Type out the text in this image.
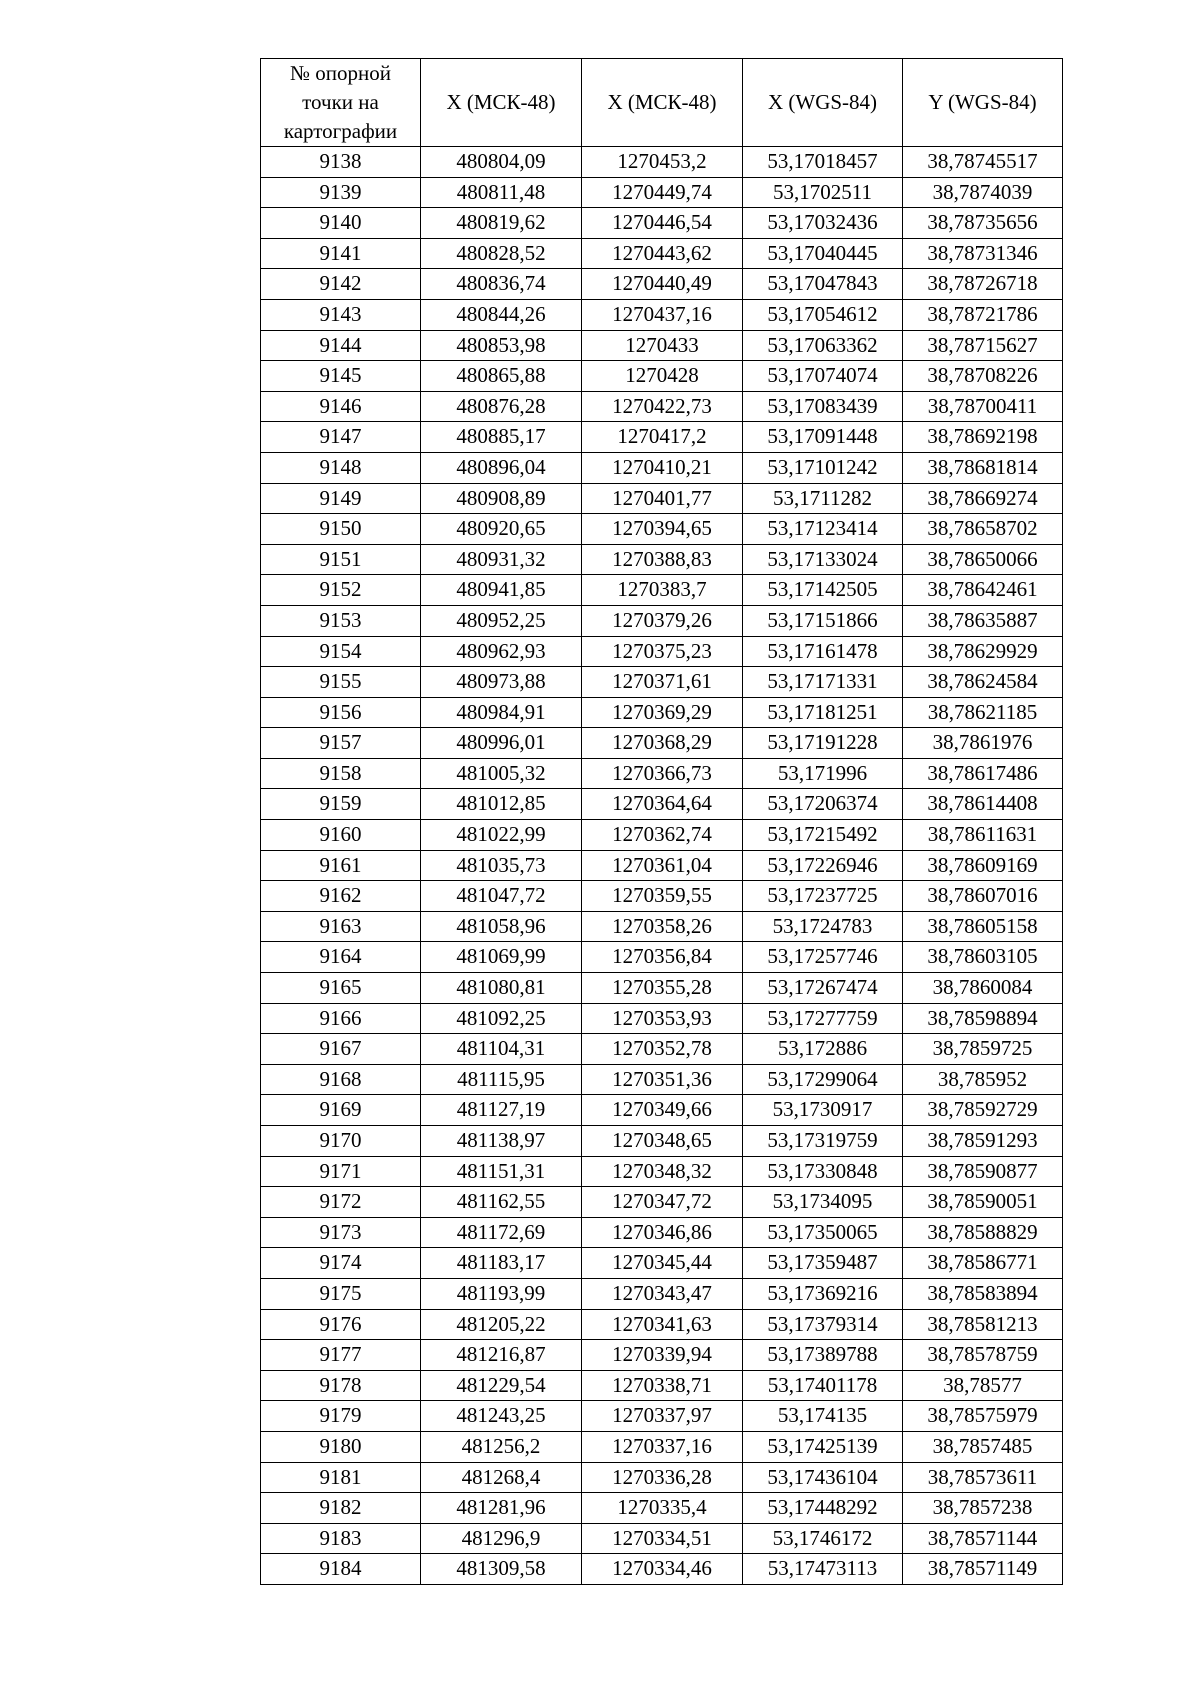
№ опорной
точки на
картографии	X (МСК-48)	X (МСК-48)	X (WGS-84)	Y (WGS-84)
9138	480804,09	1270453,2	53,17018457	38,78745517
9139	480811,48	1270449,74	53,1702511	38,7874039
9140	480819,62	1270446,54	53,17032436	38,78735656
9141	480828,52	1270443,62	53,17040445	38,78731346
9142	480836,74	1270440,49	53,17047843	38,78726718
9143	480844,26	1270437,16	53,17054612	38,78721786
9144	480853,98	1270433	53,17063362	38,78715627
9145	480865,88	1270428	53,17074074	38,78708226
9146	480876,28	1270422,73	53,17083439	38,78700411
9147	480885,17	1270417,2	53,17091448	38,78692198
9148	480896,04	1270410,21	53,17101242	38,78681814
9149	480908,89	1270401,77	53,1711282	38,78669274
9150	480920,65	1270394,65	53,17123414	38,78658702
9151	480931,32	1270388,83	53,17133024	38,78650066
9152	480941,85	1270383,7	53,17142505	38,78642461
9153	480952,25	1270379,26	53,17151866	38,78635887
9154	480962,93	1270375,23	53,17161478	38,78629929
9155	480973,88	1270371,61	53,17171331	38,78624584
9156	480984,91	1270369,29	53,17181251	38,78621185
9157	480996,01	1270368,29	53,17191228	38,7861976
9158	481005,32	1270366,73	53,171996	38,78617486
9159	481012,85	1270364,64	53,17206374	38,78614408
9160	481022,99	1270362,74	53,17215492	38,78611631
9161	481035,73	1270361,04	53,17226946	38,78609169
9162	481047,72	1270359,55	53,17237725	38,78607016
9163	481058,96	1270358,26	53,1724783	38,78605158
9164	481069,99	1270356,84	53,17257746	38,78603105
9165	481080,81	1270355,28	53,17267474	38,7860084
9166	481092,25	1270353,93	53,17277759	38,78598894
9167	481104,31	1270352,78	53,172886	38,7859725
9168	481115,95	1270351,36	53,17299064	38,785952
9169	481127,19	1270349,66	53,1730917	38,78592729
9170	481138,97	1270348,65	53,17319759	38,78591293
9171	481151,31	1270348,32	53,17330848	38,78590877
9172	481162,55	1270347,72	53,1734095	38,78590051
9173	481172,69	1270346,86	53,17350065	38,78588829
9174	481183,17	1270345,44	53,17359487	38,78586771
9175	481193,99	1270343,47	53,17369216	38,78583894
9176	481205,22	1270341,63	53,17379314	38,78581213
9177	481216,87	1270339,94	53,17389788	38,78578759
9178	481229,54	1270338,71	53,17401178	38,78577
9179	481243,25	1270337,97	53,174135	38,78575979
9180	481256,2	1270337,16	53,17425139	38,7857485
9181	481268,4	1270336,28	53,17436104	38,78573611
9182	481281,96	1270335,4	53,17448292	38,7857238
9183	481296,9	1270334,51	53,1746172	38,78571144
9184	481309,58	1270334,46	53,17473113	38,78571149
